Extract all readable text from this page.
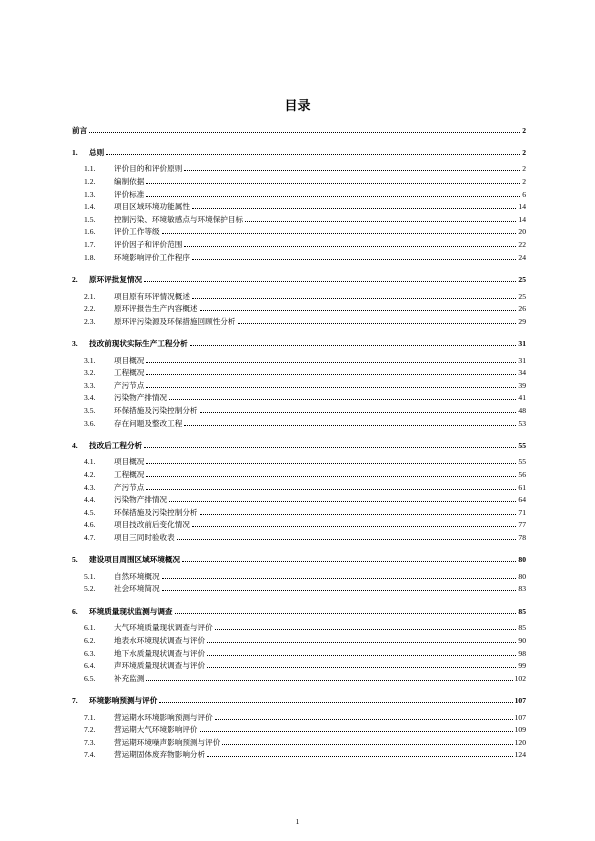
目录
前言	2
1.	总则	2
1.1.	评价目的和评价原则	2
1.2.	编制依据	2
1.3.	评价标准	6
1.4.	项目区域环境功能属性	14
1.5.	控制污染、环境敏感点与环境保护目标	14
1.6.	评价工作等级	20
1.7.	评价因子和评价范围	22
1.8.	环境影响评价工作程序	24
2.	原环评批复情况	25
2.1.	项目原有环评情况概述	25
2.2.	原环评报告生产内容概述	26
2.3.	原环评污染源及环保措施回顾性分析	29
3.	技改前现状实际生产工程分析	31
3.1.	项目概况	31
3.2.	工程概况	34
3.3.	产污节点	39
3.4.	污染物产排情况	41
3.5.	环保措施及污染控制分析	48
3.6.	存在问题及整改工程	53
4.	技改后工程分析	55
4.1.	项目概况	55
4.2.	工程概况	56
4.3.	产污节点	61
4.4.	污染物产排情况	64
4.5.	环保措施及污染控制分析	71
4.6.	项目技改前后变化情况	77
4.7.	项目三同时验收表	78
5.	建设项目周围区域环境概况	80
5.1.	自然环境概况	80
5.2.	社会环境简况	83
6.	环境质量现状监测与调查	85
6.1.	大气环境质量现状调查与评价	85
6.2.	地表水环境现状调查与评价	90
6.3.	地下水质量现状调查与评价	98
6.4.	声环境质量现状调查与评价	99
6.5.	补充监测	102
7.	环境影响预测与评价	107
7.1.	营运期水环境影响预测与评价	107
7.2.	营运期大气环境影响评价	109
7.3.	营运期环境噪声影响预测与评价	120
7.4.	营运期固体废弃物影响分析	124
1
